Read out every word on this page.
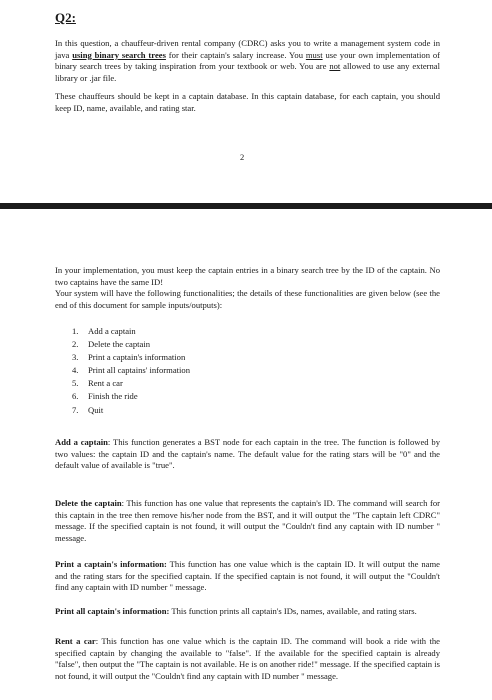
Q2:

In this question, a chauffeur-driven rental company (CDRC) asks you to write a management system code in java using binary search trees for their captain's salary increase. You must use your own implementation of binary search trees by taking inspiration from your textbook or web. You are not allowed to use any external library or .jar file.

These chauffeurs should be kept in a captain database. In this captain database, for each captain, you should keep ID, name, available, and rating star.

2

In your implementation, you must keep the captain entries in a binary search tree by the ID of the captain. No two captains have the same ID!

Your system will have the following functionalities; the details of these functionalities are given below (see the end of this document for sample inputs/outputs):

1. Add a captain
2. Delete the captain
3. Print a captain's information
4. Print all captains' information
5. Rent a car
6. Finish the ride
7. Quit

Add a captain: This function generates a BST node for each captain in the tree. The function is followed by two values: the captain ID and the captain's name. The default value for the rating stars will be "0" and the default value of available is "true".

Delete the captain: This function has one value that represents the captain's ID. The command will search for this captain in the tree then remove his/her node from the BST, and it will output the "The captain left CDRC" message. If the specified captain is not found, it will output the "Couldn't find any captain with ID number " message.

Print a captain's information: This function has one value which is the captain ID. It will output the name and the rating stars for the specified captain. If the specified captain is not found, it will output the "Couldn't find any captain with ID number " message.

Print all captain's information: This function prints all captain's IDs, names, available, and rating stars.

Rent a car: This function has one value which is the captain ID. The command will book a ride with the specified captain by changing the available to "false". If the available for the specified captain is already "false", then output the "The captain is not available. He is on another ride!" message. If the specified captain is not found, it will output the "Couldn't find any captain with ID number " message.
